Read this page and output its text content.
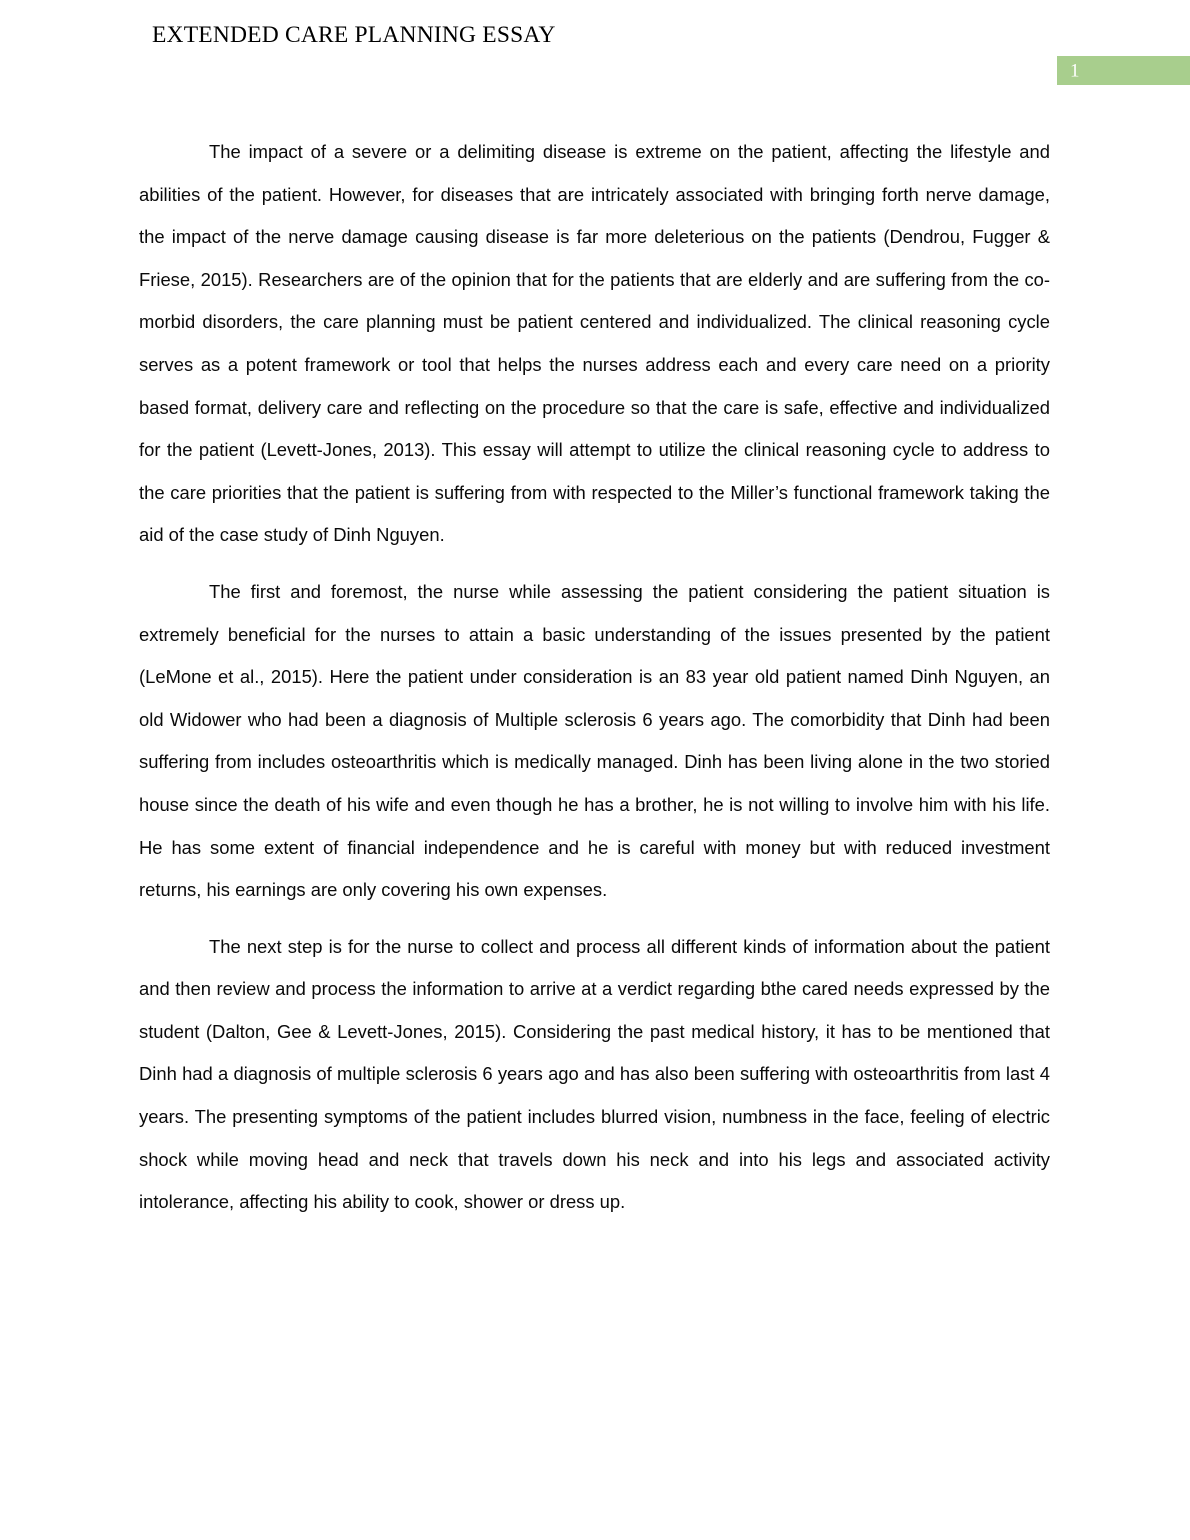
EXTENDED CARE PLANNING ESSAY
1

The impact of a severe or a delimiting disease is extreme on the patient, affecting the lifestyle and abilities of the patient. However, for diseases that are intricately associated with bringing forth nerve damage, the impact of the nerve damage causing disease is far more deleterious on the patients (Dendrou, Fugger & Friese, 2015). Researchers are of the opinion that for the patients that are elderly and are suffering from the co-morbid disorders, the care planning must be patient centered and individualized. The clinical reasoning cycle serves as a potent framework or tool that helps the nurses address each and every care need on a priority based format, delivery care and reflecting on the procedure so that the care is safe, effective and individualized for the patient (Levett-Jones, 2013). This essay will attempt to utilize the clinical reasoning cycle to address to the care priorities that the patient is suffering from with respected to the Miller’s functional framework taking the aid of the case study of Dinh Nguyen.

The first and foremost, the nurse while assessing the patient considering the patient situation is extremely beneficial for the nurses to attain a basic understanding of the issues presented by the patient (LeMone et al., 2015). Here the patient under consideration is an 83 year old patient named Dinh Nguyen, an old Widower who had been a diagnosis of Multiple sclerosis 6 years ago. The comorbidity that Dinh had been suffering from includes osteoarthritis which is medically managed. Dinh has been living alone in the two storied house since the death of his wife and even though he has a brother, he is not willing to involve him with his life. He has some extent of financial independence and he is careful with money but with reduced investment returns, his earnings are only covering his own expenses.

The next step is for the nurse to collect and process all different kinds of information about the patient and then review and process the information to arrive at a verdict regarding bthe cared needs expressed by the student (Dalton, Gee & Levett-Jones, 2015). Considering the past medical history, it has to be mentioned that Dinh had a diagnosis of multiple sclerosis 6 years ago and has also been suffering with osteoarthritis from last 4 years. The presenting symptoms of the patient includes blurred vision, numbness in the face, feeling of electric shock while moving head and neck that travels down his neck and into his legs and associated activity intolerance, affecting his ability to cook, shower or dress up.
